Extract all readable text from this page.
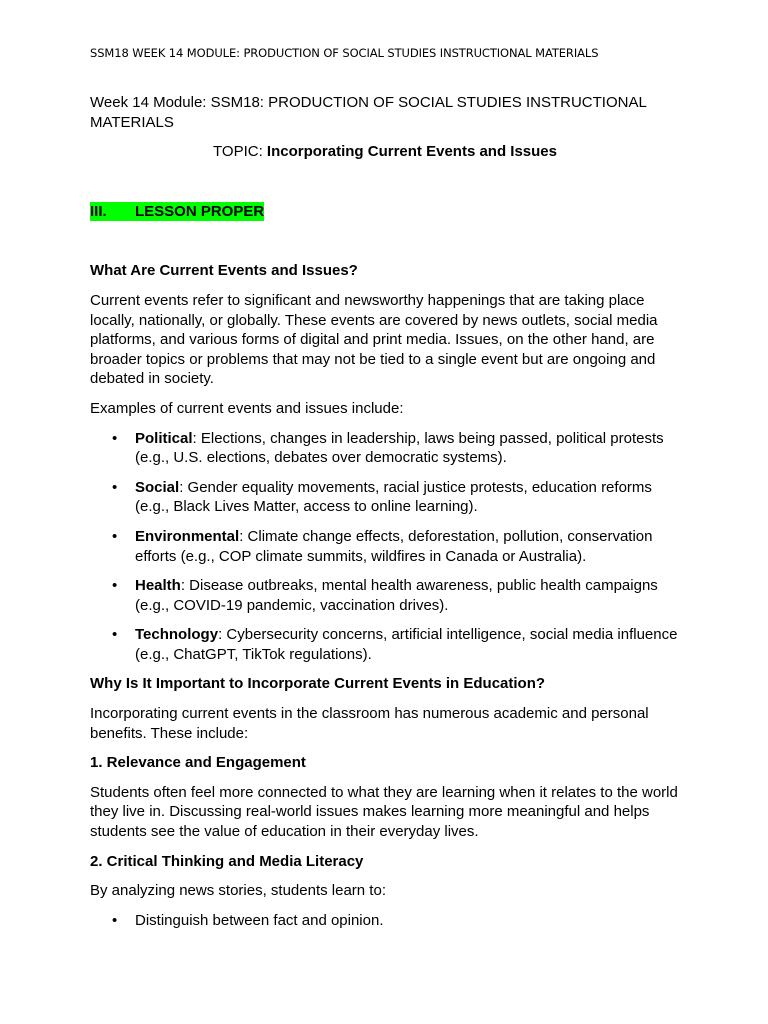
SSM18 WEEK 14 MODULE: PRODUCTION OF SOCIAL STUDIES INSTRUCTIONAL MATERIALS

Week 14 Module: SSM18: PRODUCTION OF SOCIAL STUDIES INSTRUCTIONAL MATERIALS

TOPIC: Incorporating Current Events and Issues

III. LESSON PROPER

What Are Current Events and Issues?

Current events refer to significant and newsworthy happenings that are taking place locally, nationally, or globally. These events are covered by news outlets, social media platforms, and various forms of digital and print media. Issues, on the other hand, are broader topics or problems that may not be tied to a single event but are ongoing and debated in society.

Examples of current events and issues include:

• Political: Elections, changes in leadership, laws being passed, political protests (e.g., U.S. elections, debates over democratic systems).
• Social: Gender equality movements, racial justice protests, education reforms (e.g., Black Lives Matter, access to online learning).
• Environmental: Climate change effects, deforestation, pollution, conservation efforts (e.g., COP climate summits, wildfires in Canada or Australia).
• Health: Disease outbreaks, mental health awareness, public health campaigns (e.g., COVID-19 pandemic, vaccination drives).
• Technology: Cybersecurity concerns, artificial intelligence, social media influence (e.g., ChatGPT, TikTok regulations).

Why Is It Important to Incorporate Current Events in Education?

Incorporating current events in the classroom has numerous academic and personal benefits. These include:

1. Relevance and Engagement

Students often feel more connected to what they are learning when it relates to the world they live in. Discussing real-world issues makes learning more meaningful and helps students see the value of education in their everyday lives.

2. Critical Thinking and Media Literacy

By analyzing news stories, students learn to:

• Distinguish between fact and opinion.
